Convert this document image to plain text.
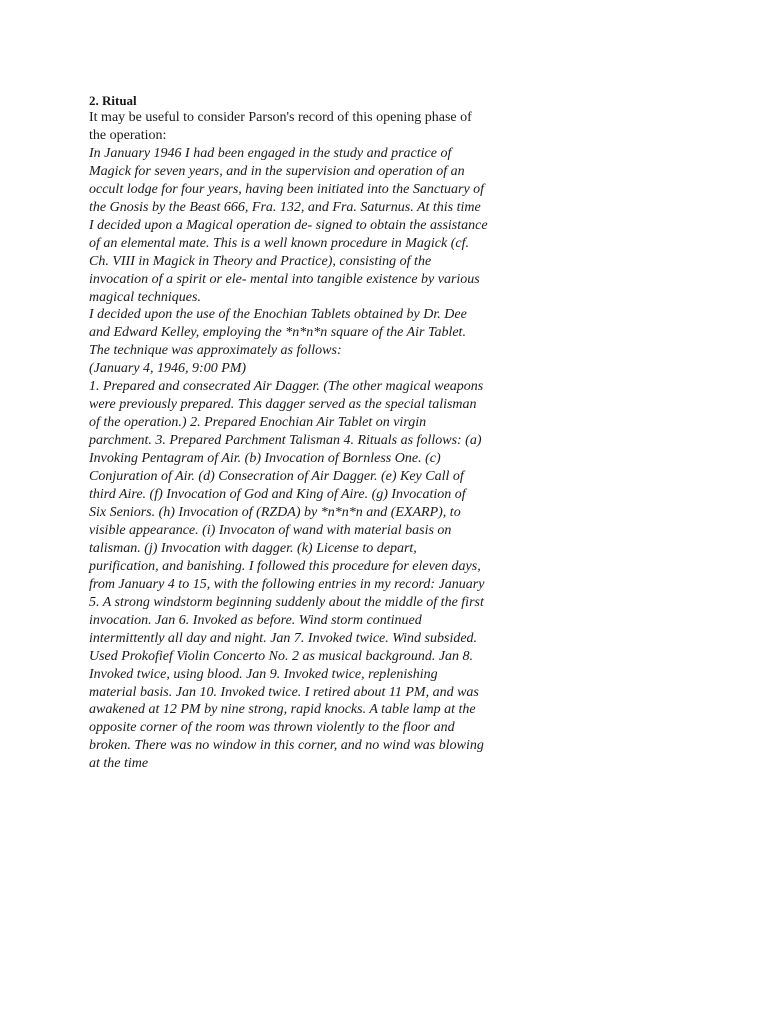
2. Ritual

It may be useful to consider Parson's record of this opening phase of

the operation:

In January 1946 I had been engaged in the study and practice of

Magick for seven years, and in the supervision and operation of an

occult lodge for four years, having been initiated into the Sanctuary of

the Gnosis by the Beast 666, Fra. 132, and Fra. Saturnus. At this time

I decided upon a Magical operation de- signed to obtain the assistance

of an elemental mate. This is a well known procedure in Magick (cf.

Ch. VIII in Magick in Theory and Practice), consisting of the

invocation of a spirit or ele- mental into tangible existence by various

magical techniques.

I decided upon the use of the Enochian Tablets obtained by Dr. Dee

and Edward Kelley, employing the *n*n*n square of the Air Tablet.

The technique was approximately as follows:

(January 4, 1946, 9:00 PM)

1. Prepared and consecrated Air Dagger. (The other magical weapons

were previously prepared. This dagger served as the special talisman

of the operation.) 2. Prepared Enochian Air Tablet on virgin

parchment. 3. Prepared Parchment Talisman 4. Rituals as follows: (a)

Invoking Pentagram of Air. (b) Invocation of Bornless One. (c)

Conjuration of Air. (d) Consecration of Air Dagger. (e) Key Call of

third Aire. (f) Invocation of God and King of Aire. (g) Invocation of

Six Seniors. (h) Invocation of (RZDA) by *n*n*n and (EXARP), to

visible appearance. (i) Invocaton of wand with material basis on

talisman. (j) Invocation with dagger. (k) License to depart,

purification, and banishing. I followed this procedure for eleven days,

from January 4 to 15, with the following entries in my record: January

5. A strong windstorm beginning suddenly about the middle of the first

invocation. Jan 6. Invoked as before. Wind storm continued

intermittently all day and night. Jan 7. Invoked twice. Wind subsided.

Used Prokofief Violin Concerto No. 2 as musical background. Jan 8.

Invoked twice, using blood. Jan 9. Invoked twice, replenishing

material basis. Jan 10. Invoked twice. I retired about 11 PM, and was

awakened at 12 PM by nine strong, rapid knocks. A table lamp at the

opposite corner of the room was thrown violently to the floor and

broken. There was no window in this corner, and no wind was blowing

at the time
